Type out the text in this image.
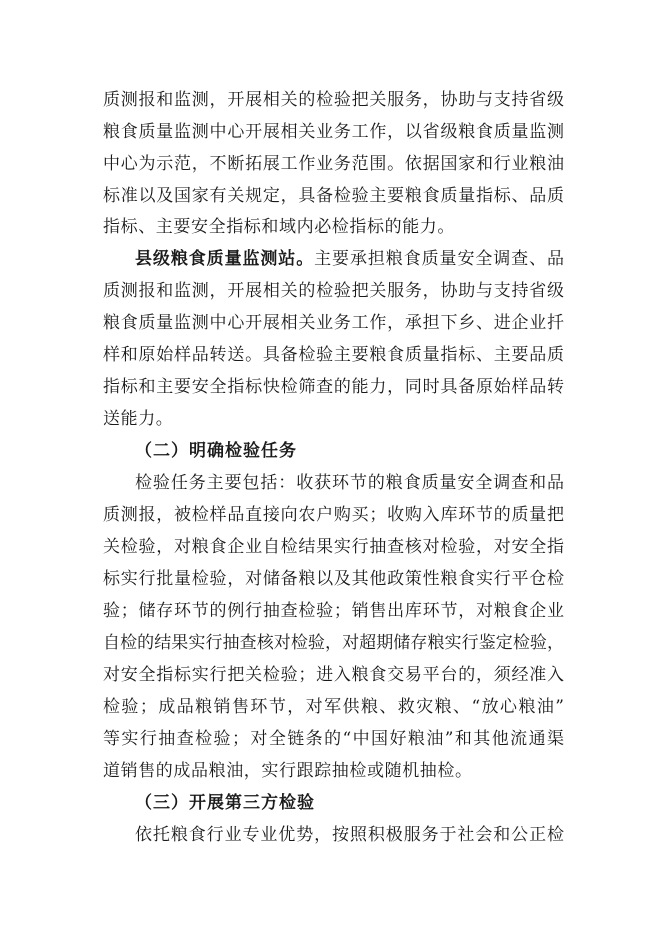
质测报和监测，开展相关的检验把关服务，协助与支持省级
粮食质量监测中心开展相关业务工作，以省级粮食质量监测
中心为示范，不断拓展工作业务范围。依据国家和行业粮油
标准以及国家有关规定，具备检验主要粮食质量指标、品质
指标、主要安全指标和域内必检指标的能力。
县级粮食质量监测站。主要承担粮食质量安全调查、品
质测报和监测，开展相关的检验把关服务，协助与支持省级
粮食质量监测中心开展相关业务工作，承担下乡、进企业扦
样和原始样品转送。具备检验主要粮食质量指标、主要品质
指标和主要安全指标快检筛查的能力，同时具备原始样品转
送能力。
（二）明确检验任务
检验任务主要包括：收获环节的粮食质量安全调查和品
质测报，被检样品直接向农户购买；收购入库环节的质量把
关检验，对粮食企业自检结果实行抽查核对检验，对安全指
标实行批量检验，对储备粮以及其他政策性粮食实行平仓检
验；储存环节的例行抽查检验；销售出库环节，对粮食企业
自检的结果实行抽查核对检验，对超期储存粮实行鉴定检验，
对安全指标实行把关检验；进入粮食交易平台的，须经准入
检验；成品粮销售环节，对军供粮、救灾粮、“放心粮油”
等实行抽查检验；对全链条的“中国好粮油”和其他流通渠
道销售的成品粮油，实行跟踪抽检或随机抽检。
（三）开展第三方检验
依托粮食行业专业优势，按照积极服务于社会和公正检
